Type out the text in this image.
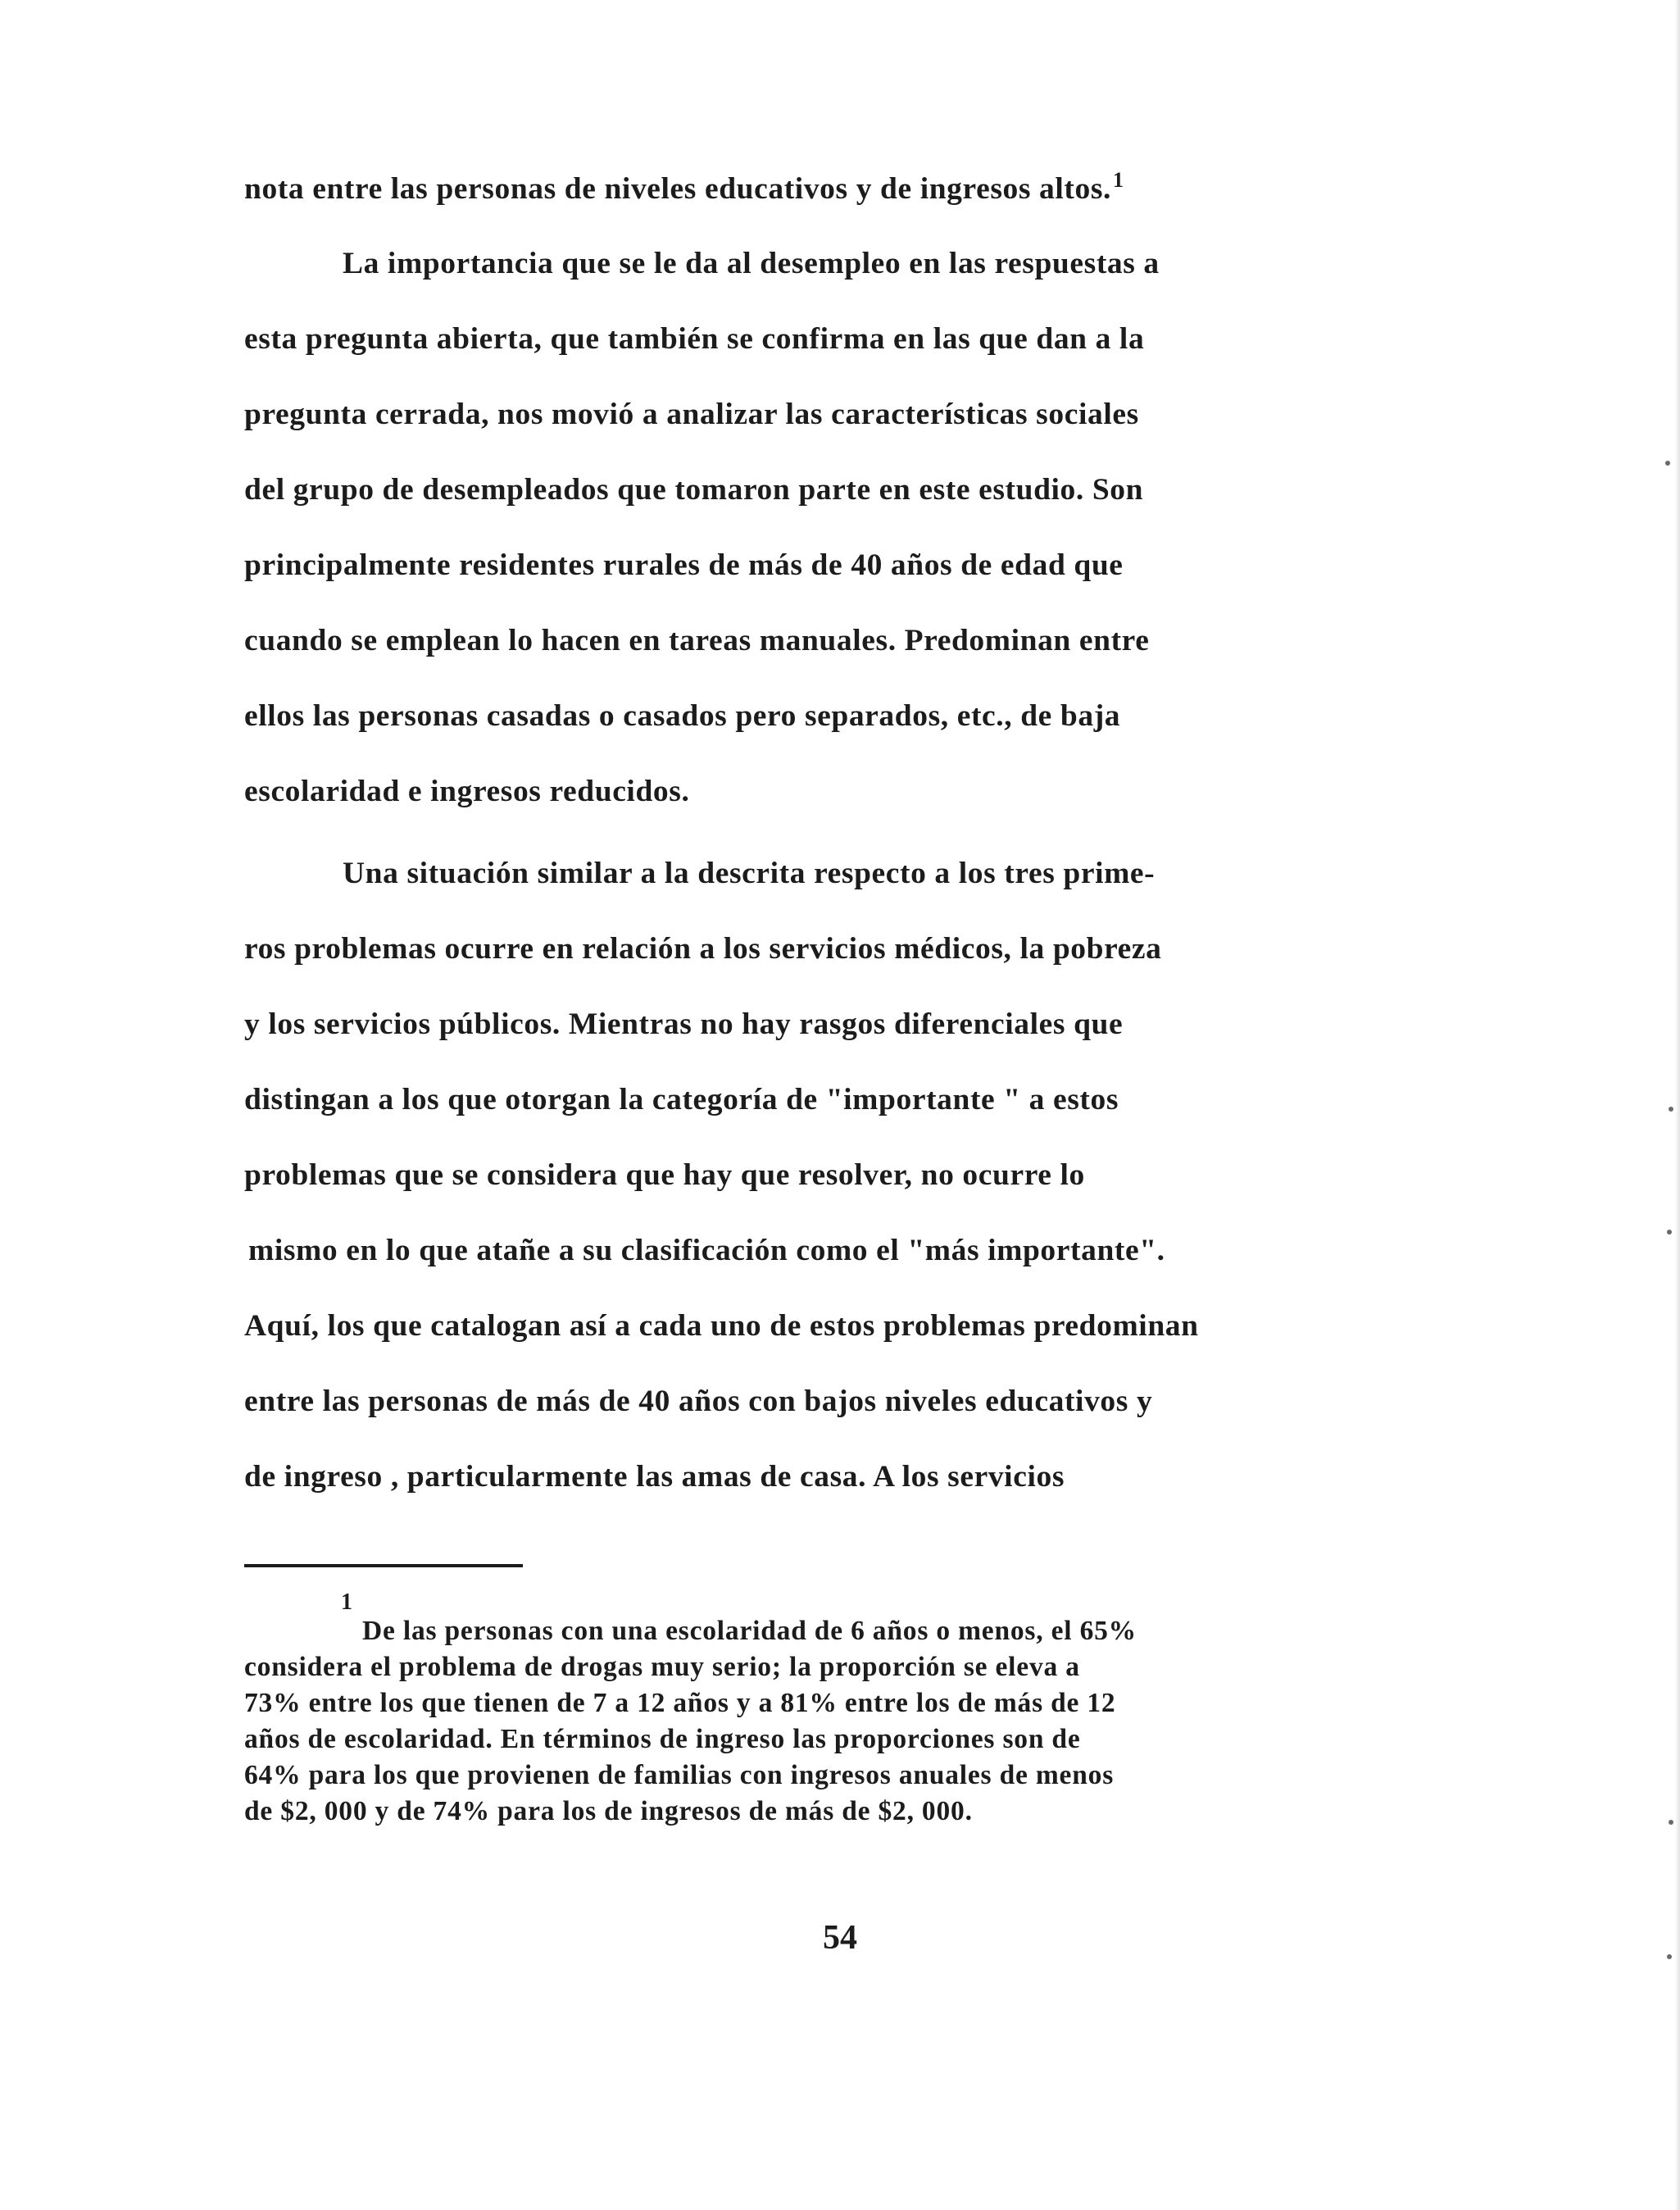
nota entre las personas de niveles educativos y de ingresos altos.$^1$
La importancia que se le da al desempleo en las respuestas a
esta pregunta abierta, que también se confirma en las que dan a la
pregunta cerrada, nos movió a analizar las características sociales
del grupo de desempleados que tomaron parte en este estudio. Son
principalmente residentes rurales de más de 40 años de edad que
cuando se emplean lo hacen en tareas manuales. Predominan entre
ellos las personas casadas o casados pero separados, etc., de baja
escolaridad e ingresos reducidos.
Una situación similar a la descrita respecto a los tres prime-
ros problemas ocurre en relación a los servicios médicos, la pobreza
y los servicios públicos. Mientras no hay rasgos diferenciales que
distingan a los que otorgan la categoría de "importante " a estos
problemas que se considera que hay que resolver, no ocurre lo
mismo en lo que atañe a su clasificación como el "más importante".
Aquí, los que catalogan así a cada uno de estos problemas predominan
entre las personas de más de 40 años con bajos niveles educativos y
de ingreso , particularmente las amas de casa. A los servicios
1
De las personas con una escolaridad de 6 años o menos, el 65%
considera el problema de drogas muy serio; la proporción se eleva a
73% entre los que tienen de 7 a 12 años y a 81% entre los de más de 12
años de escolaridad. En términos de ingreso las proporciones son de
64% para los que provienen de familias con ingresos anuales de menos
de $2, 000 y de 74% para los de ingresos de más de $2, 000.
54
